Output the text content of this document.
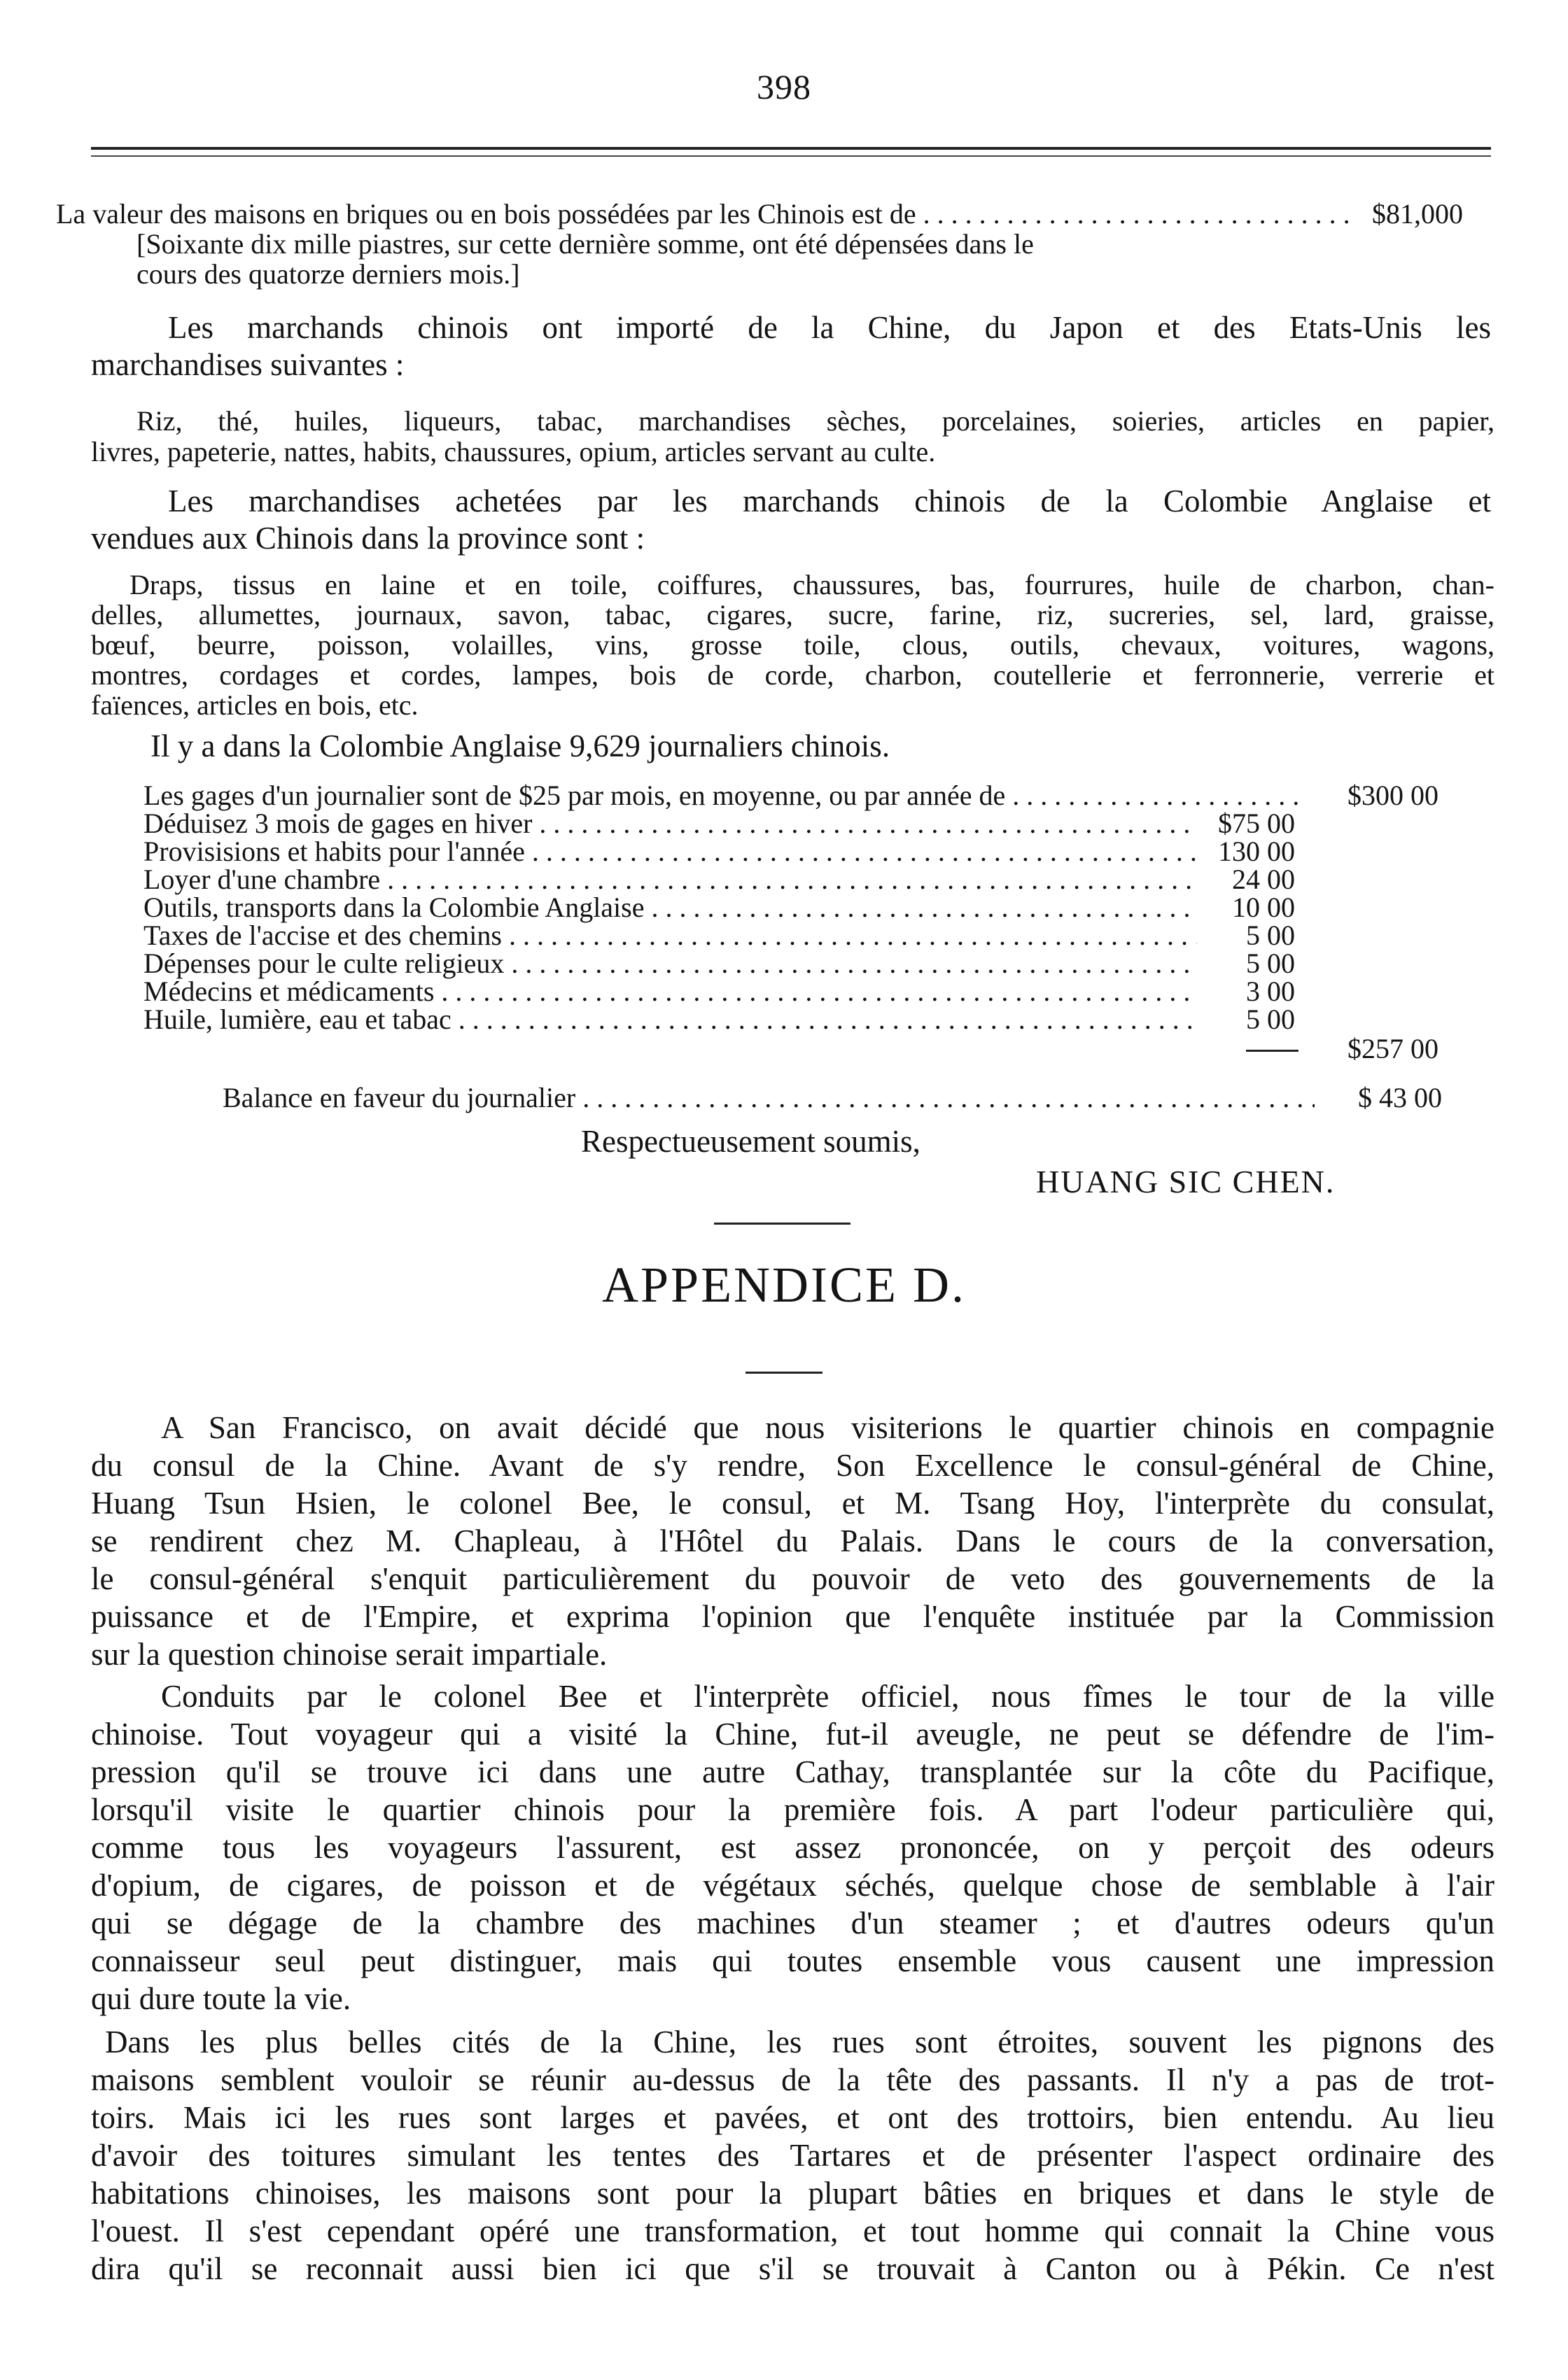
398
La valeur des maisons en briques ou en bois possédées par les Chinois est de . . .	$81,000
[Soixante dix mille piastres, sur cette dernière somme, ont été dépensées dans le
cours des quatorze derniers mois.]
Les marchands chinois ont importé de la Chine, du Japon et des Etats-Unis les
marchandises suivantes :
Riz, thé, huiles, liqueurs, tabac, marchandises sèches, porcelaines, soieries, articles en papier,
livres, papeterie, nattes, habits, chaussures, opium, articles servant au culte.
Les marchandises achetées par les marchands chinois de la Colombie Anglaise et
vendues aux Chinois dans la province sont :
Draps, tissus en laine et en toile, coiffures, chaussures, bas, fourrures, huile de charbon, chan-
delles, allumettes, journaux, savon, tabac, cigares, sucre, farine, riz, sucreries, sel, lard, graisse,
bœuf, beurre, poisson, volailles, vins, grosse toile, clous, outils, chevaux, voitures, wagons,
montres, cordages et cordes, lampes, bois de corde, charbon, coutellerie et ferronnerie, verrerie et
faïences, articles en bois, etc.
Il y a dans la Colombie Anglaise 9,629 journaliers chinois.
Les gages d'un journalier sont de $25 par mois, en moyenne, ou par année de . . .	$300 00
Déduisez 3 mois de gages en hiver . . .	$75 00
Provisisions et habits pour l'année . . .	130 00
Loyer d'une chambre . . .	24 00
Outils, transports dans la Colombie Anglaise . . .	10 00
Taxes de l'accise et des chemins . . .	5 00
Dépenses pour le culte religieux . . .	5 00
Médecins et médicaments . . .	3 00
Huile, lumière, eau et tabac . . .	5 00
$257 00
Balance en faveur du journalier . . .	$ 43 00
Respectueusement soumis,
HUANG SIC CHEN.
APPENDICE D.
A San Francisco, on avait décidé que nous visiterions le quartier chinois en compagnie
du consul de la Chine. Avant de s'y rendre, Son Excellence le consul-général de Chine,
Huang Tsun Hsien, le colonel Bee, le consul, et M. Tsang Hoy, l'interprète du consulat,
se rendirent chez M. Chapleau, à l'Hôtel du Palais. Dans le cours de la conversation,
le consul-général s'enquit particulièrement du pouvoir de veto des gouvernements de la
puissance et de l'Empire, et exprima l'opinion que l'enquête instituée par la Commission
sur la question chinoise serait impartiale.
Conduits par le colonel Bee et l'interprète officiel, nous fîmes le tour de la ville
chinoise. Tout voyageur qui a visité la Chine, fut-il aveugle, ne peut se défendre de l'im-
pression qu'il se trouve ici dans une autre Cathay, transplantée sur la côte du Pacifique,
lorsqu'il visite le quartier chinois pour la première fois. A part l'odeur particulière qui,
comme tous les voyageurs l'assurent, est assez prononcée, on y perçoit des odeurs
d'opium, de cigares, de poisson et de végétaux séchés, quelque chose de semblable à l'air
qui se dégage de la chambre des machines d'un steamer ; et d'autres odeurs qu'un
connaisseur seul peut distinguer, mais qui toutes ensemble vous causent une impression
qui dure toute la vie.
Dans les plus belles cités de la Chine, les rues sont étroites, souvent les pignons des
maisons semblent vouloir se réunir au-dessus de la tête des passants. Il n'y a pas de trot-
toirs. Mais ici les rues sont larges et pavées, et ont des trottoirs, bien entendu. Au lieu
d'avoir des toitures simulant les tentes des Tartares et de présenter l'aspect ordinaire des
habitations chinoises, les maisons sont pour la plupart bâties en briques et dans le style de
l'ouest. Il s'est cependant opéré une transformation, et tout homme qui connait la Chine vous
dira qu'il se reconnait aussi bien ici que s'il se trouvait à Canton ou à Pékin. Ce n'est
